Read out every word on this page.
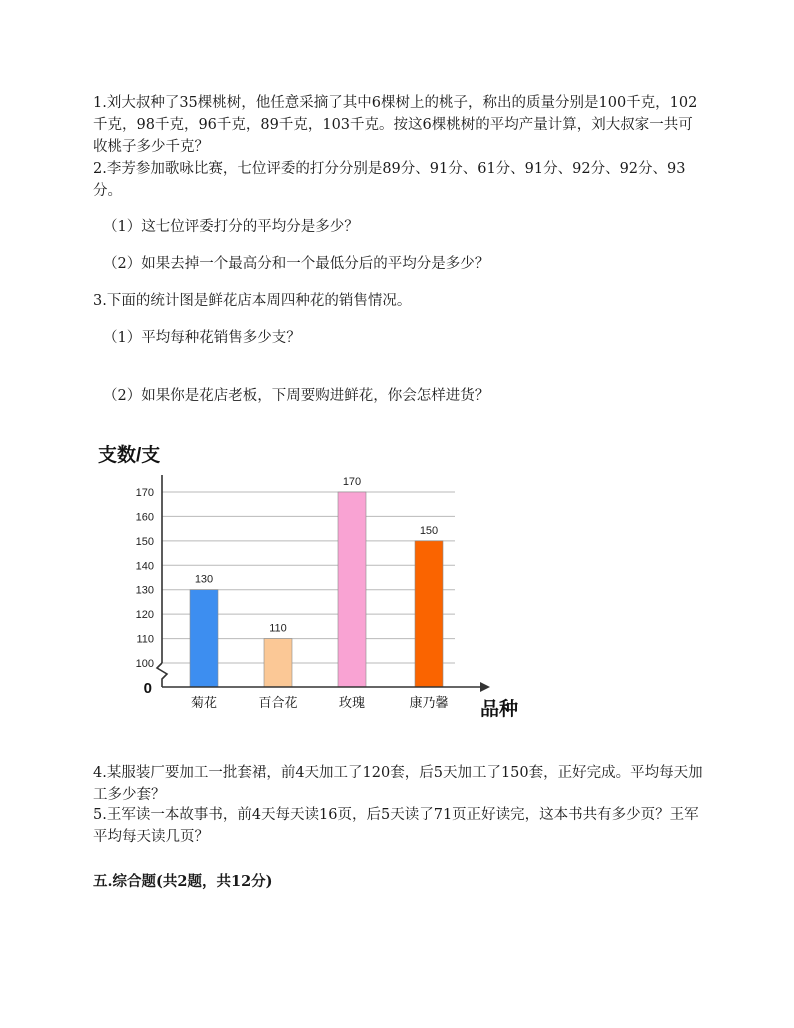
1.刘大叔种了35棵桃树，他任意采摘了其中6棵树上的桃子，称出的质量分别是100千克，102千克，98千克，96千克，89千克，103千克。按这6棵桃树的平均产量计算，刘大叔家一共可收桃子多少千克？

2.李芳参加歌咏比赛，七位评委的打分分别是89分、91分、61分、91分、92分、92分、93分。

（1）这七位评委打分的平均分是多少？

（2）如果去掉一个最高分和一个最低分后的平均分是多少？

3.下面的统计图是鲜花店本周四种花的销售情况。

（1）平均每种花销售多少支？

（2）如果你是花店老板，下周要购进鲜花，你会怎样进货？

130
110
170
150
100
110
120
130
140
150
160
170
0
菊花	百合花	玫瑰	康乃馨
支数/支
品种

4.某服装厂要加工一批套裙，前4天加工了120套，后5天加工了150套，正好完成。平均每天加工多少套？

5.王军读一本故事书，前4天每天读16页，后5天读了71页正好读完，这本书共有多少页？王军平均每天读几页？

五.综合题(共2题，共12分)
